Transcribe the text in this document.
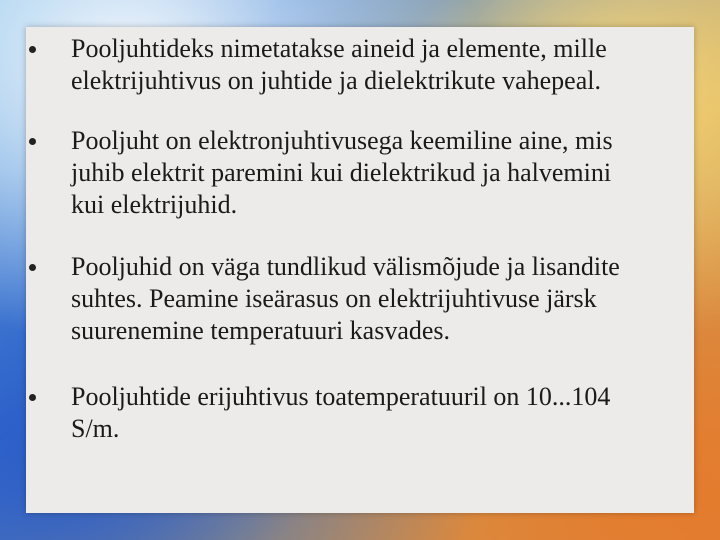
Pooljuhtideks nimetatakse aineid ja elemente, mille
elektrijuhtivus on juhtide ja dielektrikute vahepeal.
Pooljuht on elektronjuhtivusega keemiline aine, mis
juhib elektrit paremini kui dielektrikud ja halvemini
kui elektrijuhid.
Pooljuhid on väga tundlikud välismõjude ja lisandite
suhtes. Peamine iseärasus on elektrijuhtivuse järsk
suurenemine temperatuuri kasvades.
Pooljuhtide erijuhtivus toatemperatuuril on 10...104
S/m.
